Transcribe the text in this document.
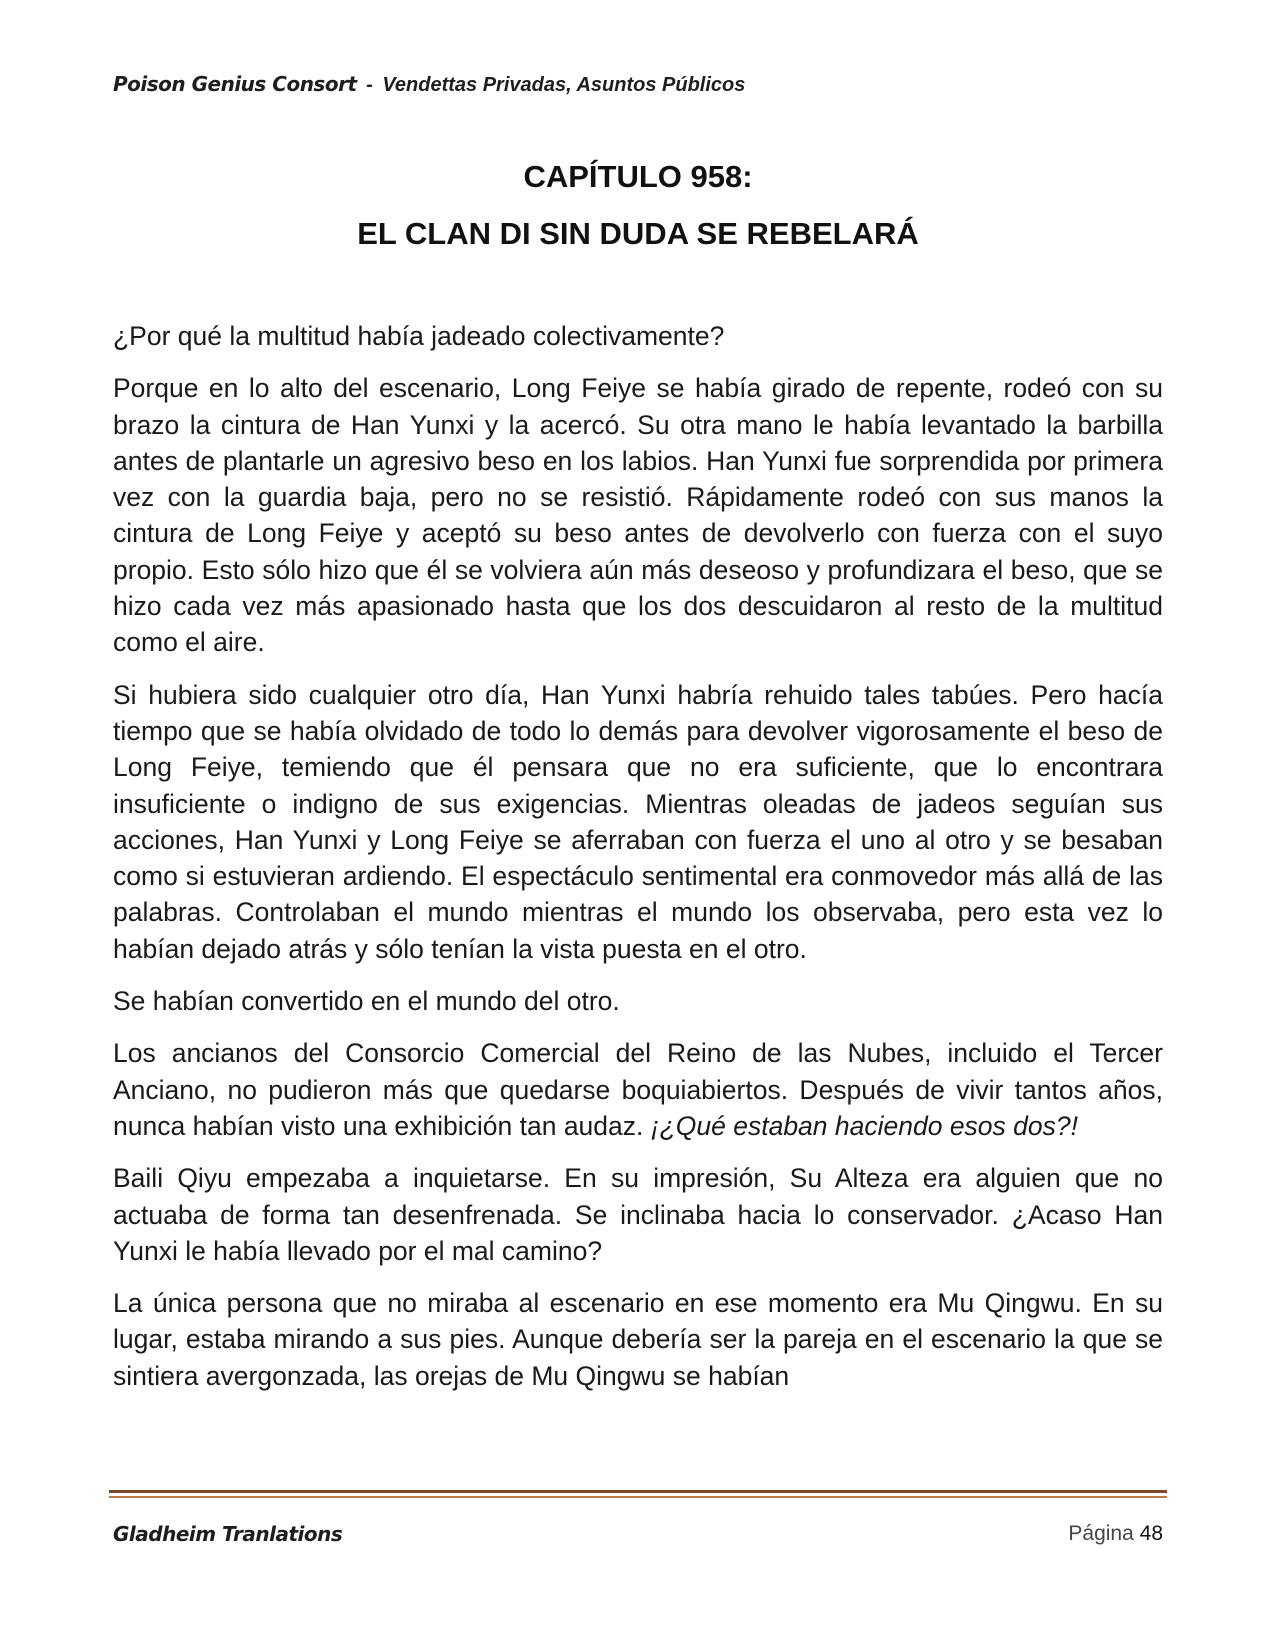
Poison Genius Consort - Vendettas Privadas, Asuntos Públicos
CAPÍTULO 958:
EL CLAN DI SIN DUDA SE REBELARÁ

¿Por qué la multitud había jadeado colectivamente?

Porque en lo alto del escenario, Long Feiye se había girado de repente, rodeó con su brazo la cintura de Han Yunxi y la acercó. Su otra mano le había levantado la barbilla antes de plantarle un agresivo beso en los labios. Han Yunxi fue sorprendida por primera vez con la guardia baja, pero no se resistió. Rápidamente rodeó con sus manos la cintura de Long Feiye y aceptó su beso antes de devolverlo con fuerza con el suyo propio. Esto sólo hizo que él se volviera aún más deseoso y profundizara el beso, que se hizo cada vez más apasionado hasta que los dos descuidaron al resto de la multitud como el aire.

Si hubiera sido cualquier otro día, Han Yunxi habría rehuido tales tabúes. Pero hacía tiempo que se había olvidado de todo lo demás para devolver vigorosamente el beso de Long Feiye, temiendo que él pensara que no era suficiente, que lo encontrara insuficiente o indigno de sus exigencias. Mientras oleadas de jadeos seguían sus acciones, Han Yunxi y Long Feiye se aferraban con fuerza el uno al otro y se besaban como si estuvieran ardiendo. El espectáculo sentimental era conmovedor más allá de las palabras. Controlaban el mundo mientras el mundo los observaba, pero esta vez lo habían dejado atrás y sólo tenían la vista puesta en el otro.

Se habían convertido en el mundo del otro.

Los ancianos del Consorcio Comercial del Reino de las Nubes, incluido el Tercer Anciano, no pudieron más que quedarse boquiabiertos. Después de vivir tantos años, nunca habían visto una exhibición tan audaz. ¡¿Qué estaban haciendo esos dos?!

Baili Qiyu empezaba a inquietarse. En su impresión, Su Alteza era alguien que no actuaba de forma tan desenfrenada. Se inclinaba hacia lo conservador. ¿Acaso Han Yunxi le había llevado por el mal camino?

La única persona que no miraba al escenario en ese momento era Mu Qingwu. En su lugar, estaba mirando a sus pies. Aunque debería ser la pareja en el escenario la que se sintiera avergonzada, las orejas de Mu Qingwu se habían

Gladheim Tranlations	Página 48
